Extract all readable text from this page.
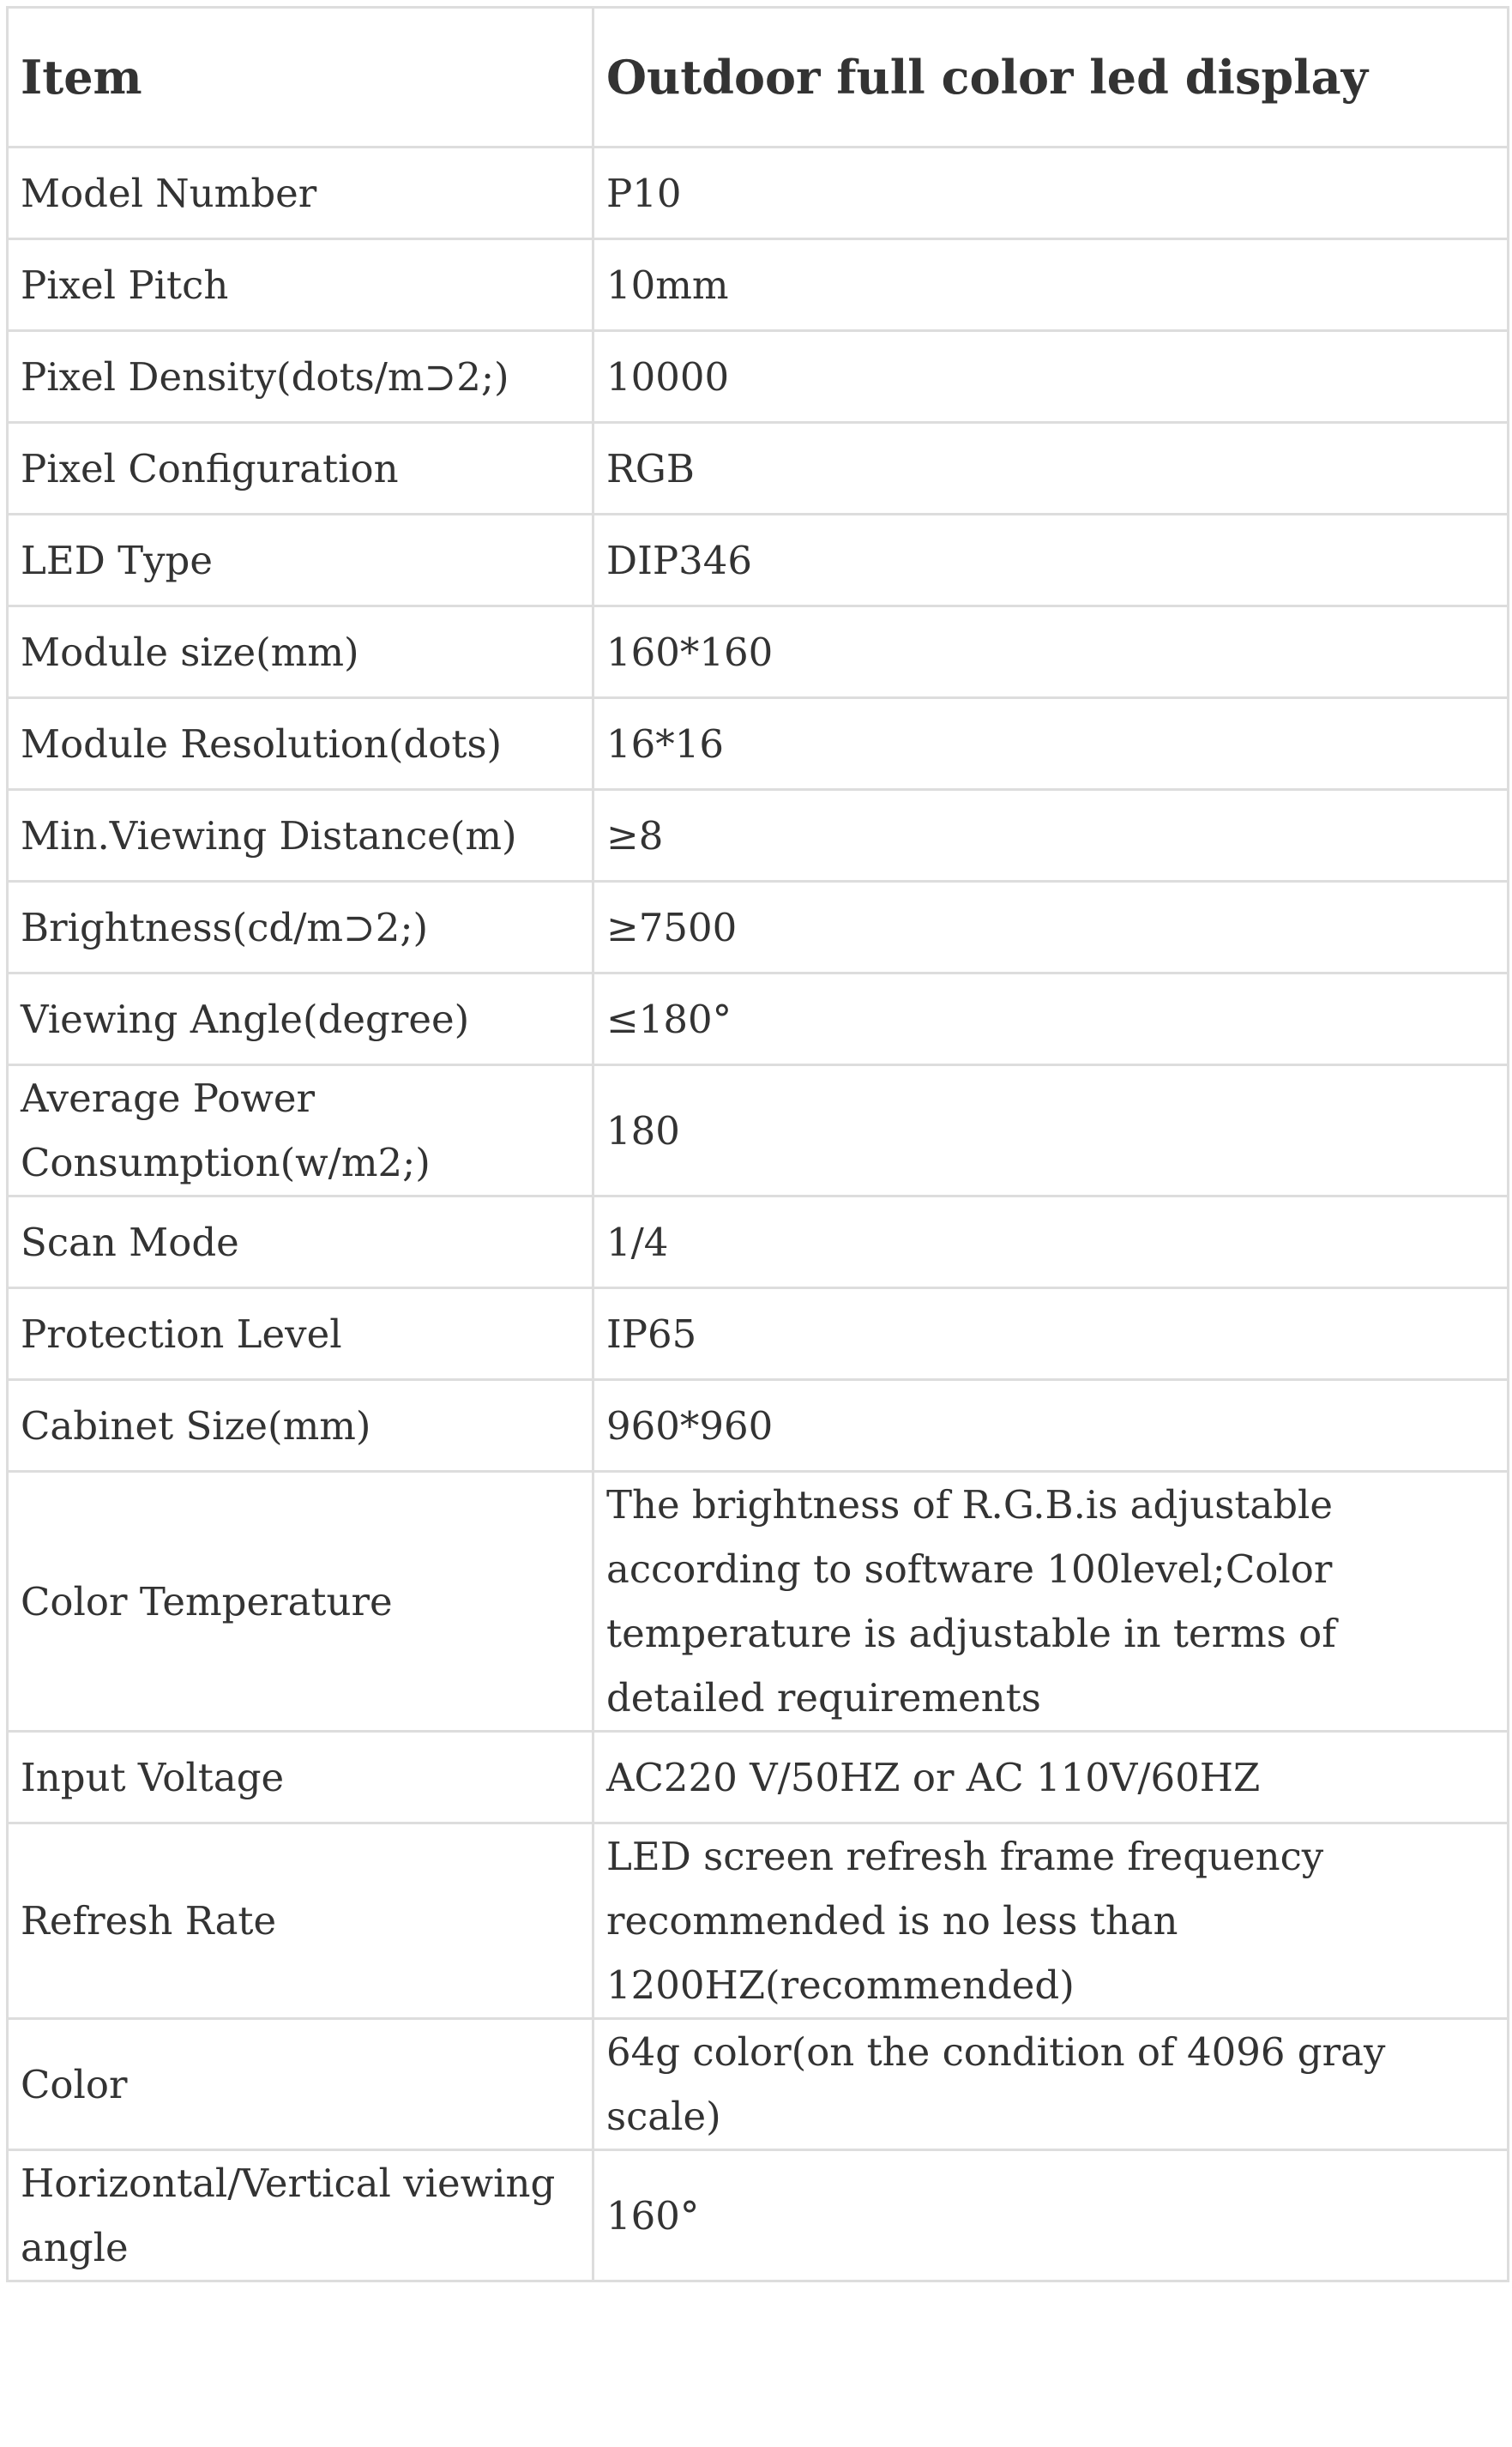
Item	Outdoor full color led display
Model Number	P10
Pixel Pitch	10mm
Pixel Density(dots/m⊃2;)	10000
Pixel Configuration	RGB
LED Type	DIP346
Module size(mm)	160*160
Module Resolution(dots)	16*16
Min.Viewing Distance(m)	≥8
Brightness(cd/m⊃2;)	≥7500
Viewing Angle(degree)	≤180°
Average Power Consumption(w/m2;)	180
Scan Mode	1/4
Protection Level	IP65
Cabinet Size(mm)	960*960
Color Temperature	The brightness of R.G.B.is adjustable according to software 100level;Color temperature is adjustable in terms of detailed requirements
Input Voltage	AC220 V/50HZ or AC 110V/60HZ
Refresh Rate	LED screen refresh frame frequency recommended is no less than 1200HZ(recommended)
Color	64g color(on the condition of 4096 gray scale)
Horizontal/Vertical viewing angle	160°
